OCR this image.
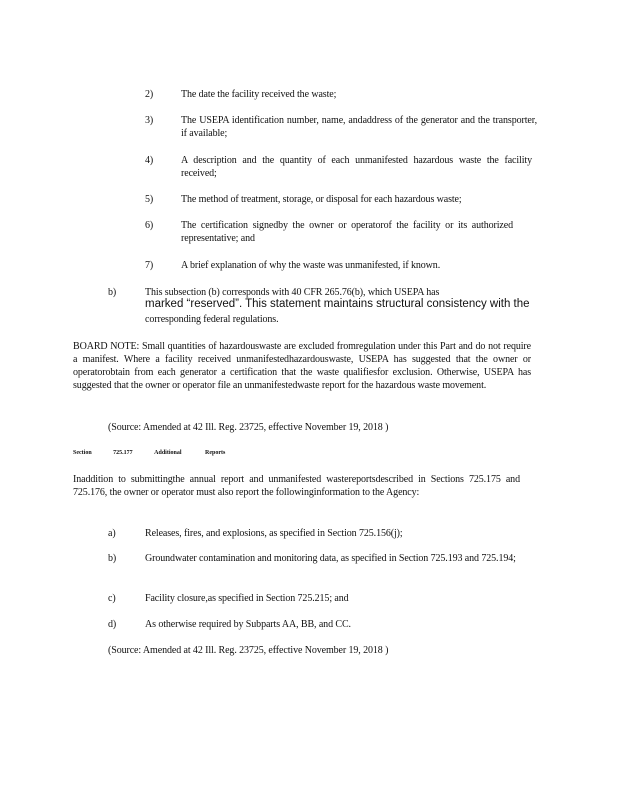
2)	The date the facility received the waste;
3)	The USEPA identification number, name, andaddress of the generator and the transporter, if available;
4)	A description and the quantity of each unmanifested hazardous waste the facility received;
5)	The method of treatment, storage, or disposal for each hazardous waste;
6)	The certification signedby the owner or operatorof the facility or its authorized representative; and
7)	A brief explanation of why the waste was unmanifested, if known.
b)	This subsection (b) corresponds with 40 CFR 265.76(b), which USEPA has
marked “reserved”. This statement maintains structural consistency with the
corresponding federal regulations.
BOARD NOTE: Small quantities of hazardouswaste are excluded fromregulation under this Part and do not require a manifest. Where a facility received unmanifestedhazardouswaste, USEPA has suggested that the owner or operatorobtain from each generator a certification that the waste qualifiesfor exclusion. Otherwise, USEPA has suggested that the owner or operator file an unmanifestedwaste report for the hazardous waste movement.
(Source: Amended at 42 Ill. Reg. 23725, effective November 19, 2018 )
Section	725.177	Additional	Reports
Inaddition to submittingthe annual report and unmanifested wastereportsdescribed in Sections 725.175 and 725.176, the owner or operator must also report the followinginformation to the Agency:
a)	Releases, fires, and explosions, as specified in Section 725.156(j);
b)	Groundwater contamination and monitoring data, as specified in Section 725.193 and 725.194;
c)	Facility closure,as specified in Section 725.215; and
d)	As otherwise required by Subparts AA, BB, and CC.
(Source: Amended at 42 Ill. Reg. 23725, effective November 19, 2018 )
